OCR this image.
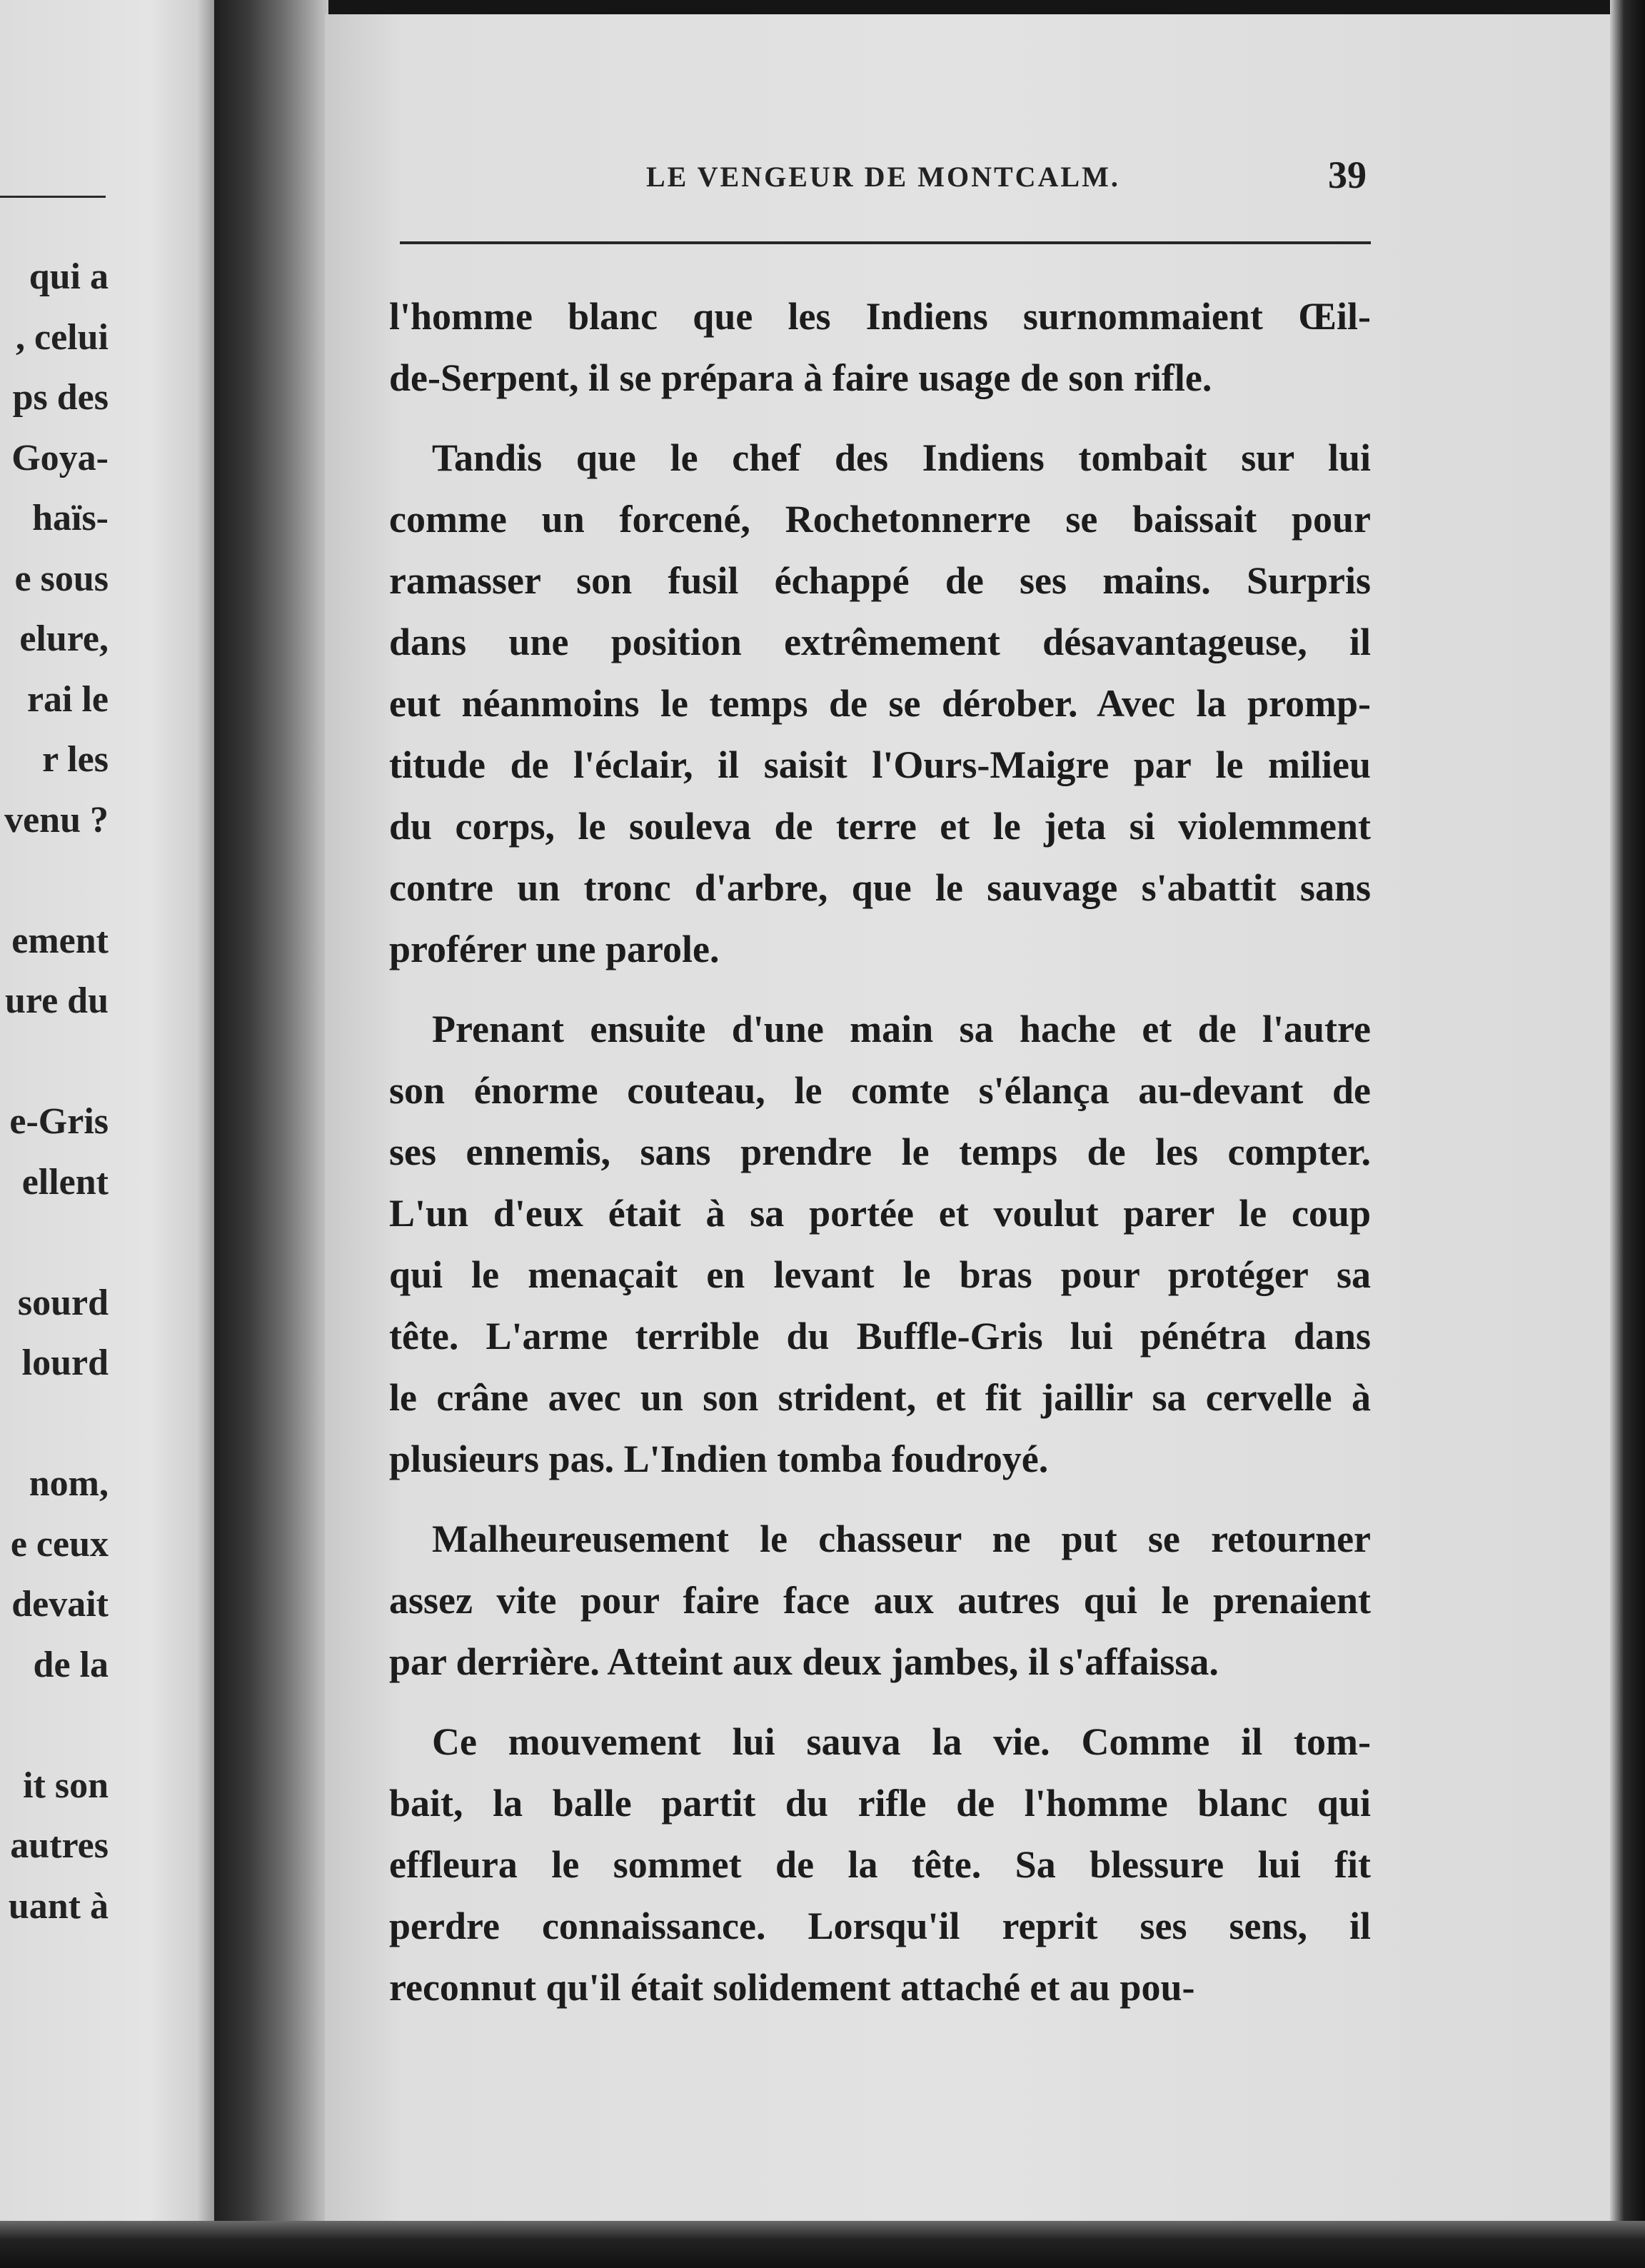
qui a
, celui
ps des
Goya-
haïs-
e sous
elure,
rai le
r les
venu ?
ement
ure du
e-Gris
ellent
sourd
lourd
nom,
e ceux
devait
de la
it son
autres
uant à
LE VENGEUR DE MONTCALM.	39
l'homme blanc que les Indiens surnommaient Œil-
de-Serpent, il se prépara à faire usage de son rifle.
Tandis que le chef des Indiens tombait sur lui
comme un forcené, Rochetonnerre se baissait pour
ramasser son fusil échappé de ses mains. Surpris
dans une position extrêmement désavantageuse, il
eut néanmoins le temps de se dérober. Avec la promp-
titude de l'éclair, il saisit l'Ours-Maigre par le milieu
du corps, le souleva de terre et le jeta si violemment
contre un tronc d'arbre, que le sauvage s'abattit sans
proférer une parole.
Prenant ensuite d'une main sa hache et de l'autre
son énorme couteau, le comte s'élança au-devant de
ses ennemis, sans prendre le temps de les compter.
L'un d'eux était à sa portée et voulut parer le coup
qui le menaçait en levant le bras pour protéger sa
tête. L'arme terrible du Buffle-Gris lui pénétra dans
le crâne avec un son strident, et fit jaillir sa cervelle à
plusieurs pas. L'Indien tomba foudroyé.
Malheureusement le chasseur ne put se retourner
assez vite pour faire face aux autres qui le prenaient
par derrière. Atteint aux deux jambes, il s'affaissa.
Ce mouvement lui sauva la vie. Comme il tom-
bait, la balle partit du rifle de l'homme blanc qui
effleura le sommet de la tête. Sa blessure lui fit
perdre connaissance. Lorsqu'il reprit ses sens, il
reconnut qu'il était solidement attaché et au pou-
